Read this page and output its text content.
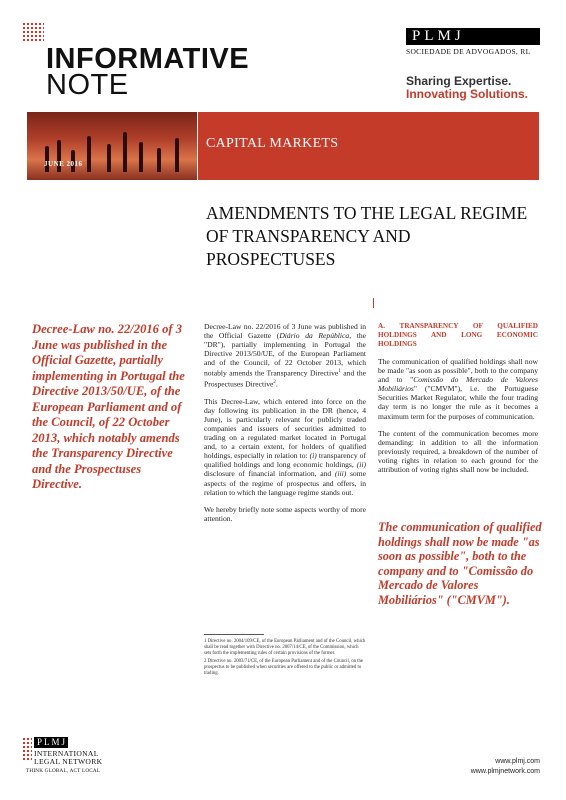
INFORMATIVE
NOTE
PLMJ
SOCIEDADE DE ADVOGADOS, RL
Sharing Expertise.
Innovating Solutions.
JUNE 2016
CAPITAL MARKETS
AMENDMENTS TO THE LEGAL REGIME OF TRANSPARENCY AND PROSPECTUSES
Decree-Law no. 22/2016 of 3 June was published in the Official Gazette, partially implementing in Portugal the Directive 2013/50/UE, of the European Parliament and of the Council, of 22 October 2013, which notably amends the Transparency Directive and the Prospectuses Directive.

Decree-Law no. 22/2016 of 3 June was published in the Official Gazette (Diário da República, the "DR"), partially implementing in Portugal the Directive 2013/50/UE, of the European Parliament and of the Council, of 22 October 2013, which notably amends the Transparency Directive$^1$ and the Prospectuses Directive$^2$.

This Decree-Law, which entered into force on the day following its publication in the DR (hence, 4 June), is particularly relevant for publicly traded companies and issuers of securities admitted to trading on a regulated market located in Portugal and, to a certain extent, for holders of qualified holdings, especially in relation to: (i) transparency of qualified holdings and long economic holdings, (ii) disclosure of financial information, and (iii) some aspects of the regime of prospectus and offers, in relation to which the language regime stands out.

We hereby briefly note some aspects worthy of more attention.

A. TRANSPARENCY OF QUALIFIED HOLDINGS AND LONG ECONOMIC HOLDINGS

The communication of qualified holdings shall now be made "as soon as possible", both to the company and to "Comissão do Mercado de Valores Mobiliários" ("CMVM"), i.e. the Portuguese Securities Market Regulator, while the four trading day term is no longer the rule as it becomes a maximum term for the purposes of communication.

The content of the communication becomes more demanding: in addition to all the information previously required, a breakdown of the number of voting rights in relation to each ground for the attribution of voting rights shall now be included.

The communication of qualified holdings shall now be made "as soon as possible", both to the company and to "Comissão do Mercado de Valores Mobiliários" ("CMVM").

1 Directive no. 2004/109/CE, of the European Parliament and of the Council, which shall be read together with Directive no. 2007/14/CE, of the Commission, which sets forth the implementing rules of certain provisions of the former.

2 Directive no. 2003/71/CE, of the European Parliament and of the Council, on the prospectus to be published when securities are offered to the public or admitted to trading.

PLMJ
INTERNATIONAL
LEGAL NETWORK
THINK GLOBAL, ACT LOCAL
www.plmj.com
www.plmjnetwork.com
